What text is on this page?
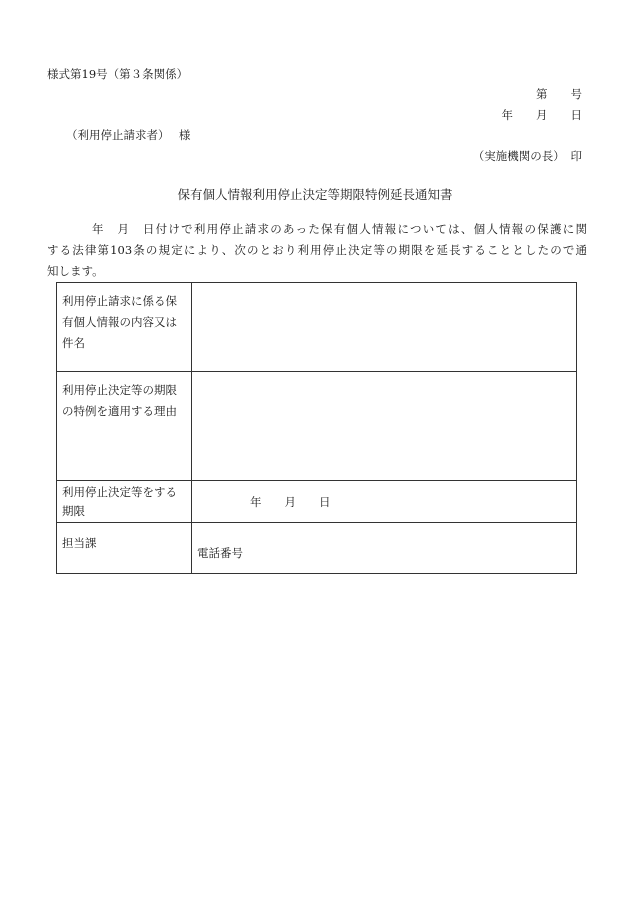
様式第19号（第３条関係）
第　　号
年　　月　　日
（利用停止請求者）　 様
（実施機関の長）　印
保有個人情報利用停止決定等期限特例延長通知書
年　月　日付けで利用停止請求のあった保有個人情報については、個人情報の保護に関
する法律第103条の規定により、次のとおり利用停止決定等の期限を延長することとしたので通
知します。
利用停止請求に係る保有個人情報の内容又は件名	
利用停止決定等の期限の特例を適用する理由	
利用停止決定等をする期限	年　　月　　日

担当課	電話番号
